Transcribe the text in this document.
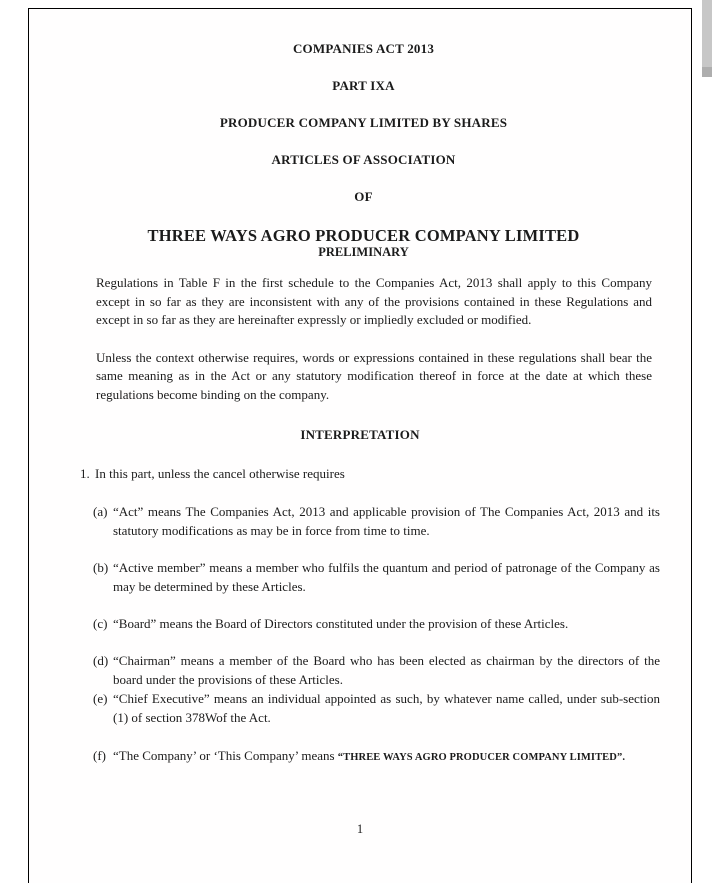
COMPANIES ACT 2013
PART IXA
PRODUCER COMPANY LIMITED BY SHARES
ARTICLES OF ASSOCIATION
OF
THREE WAYS AGRO PRODUCER COMPANY LIMITED
PRELIMINARY

Regulations in Table F in the first schedule to the Companies Act, 2013 shall apply to this Company except in so far as they are inconsistent with any of the provisions contained in these Regulations and except in so far as they are hereinafter expressly or impliedly excluded or modified.

Unless the context otherwise requires, words or expressions contained in these regulations shall bear the same meaning as in the Act or any statutory modification thereof in force at the date at which these regulations become binding on the company.

INTERPRETATION
1. In this part, unless the cancel otherwise requires
(a) “Act” means The Companies Act, 2013 and applicable provision of The Companies Act, 2013 and its statutory modifications as may be in force from time to time.
(b) “Active member” means a member who fulfils the quantum and period of patronage of the Company as may be determined by these Articles.
(c) “Board” means the Board of Directors constituted under the provision of these Articles.
(d) “Chairman” means a member of the Board who has been elected as chairman by the directors of the board under the provisions of these Articles.
(e) “Chief Executive” means an individual appointed as such, by whatever name called, under sub-section (1) of section 378Wof the Act.
(f) “The Company’ or ‘This Company’ means “THREE WAYS AGRO PRODUCER COMPANY LIMITED”.
1
